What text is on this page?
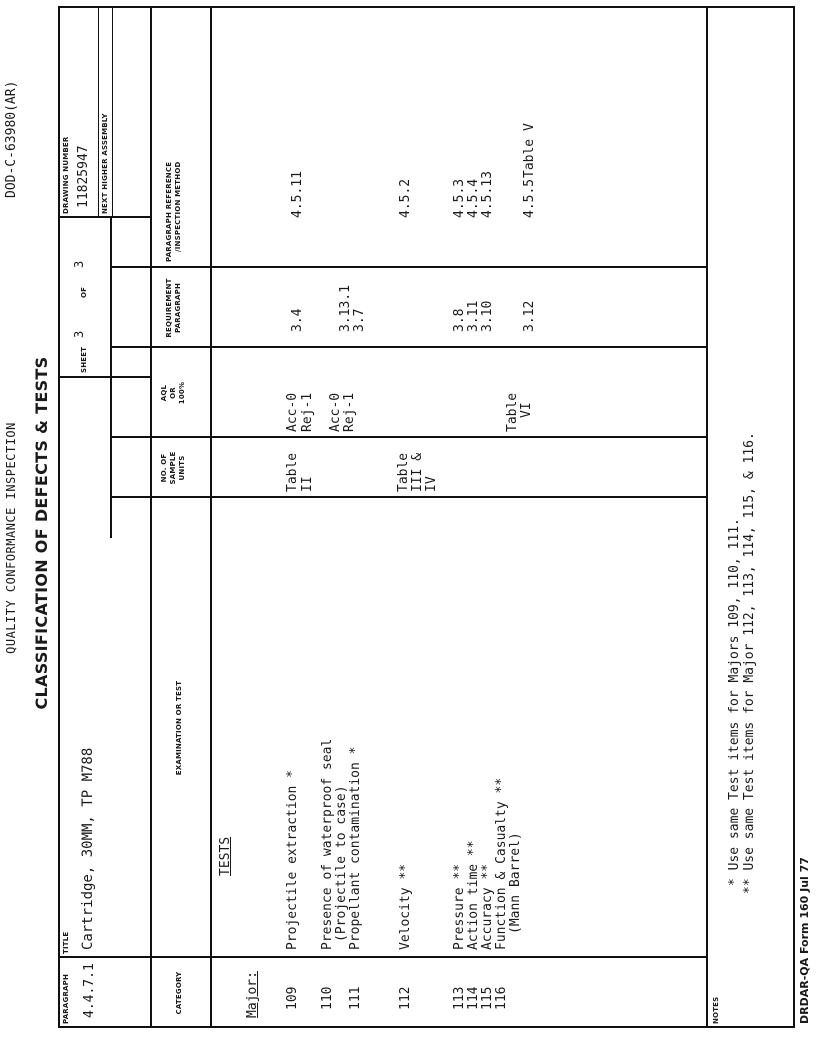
QUALITY CONFORMANCE INSPECTION
DOD-C-63980(AR)
CLASSIFICATION OF DEFECTS & TESTS
PARAGRAPH 4.4.7.1
TITLE Cartridge, 30MM, TP M788
SHEET
3
OF
3
DRAWING NUMBER 11825947 NEXT HIGHER ASSEMBLY
CATEGORY
EXAMINATION OR TEST
NO. OF SAMPLE UNITS
AQL OR 100%
REQUIREMENT PARAGRAPH
PARAGRAPH REFERENCE /INSPECTION METHOD
TESTS
Major: 109
Projectile extraction *
Table II
Acc-0 Rej-1
3.4
4.5.11
110
Presence of waterproof seal (Projectile to case)
111
Propellant contamination *
Acc-0 Rej-1
3.13.1
112
Velocity **
Table III & IV
3.7
4.5.2
113
Pressure **
3.8
4.5.3
114
Action time **
3.11
4.5.4
115
Accuracy **
3.10
4.5.13
116
Function & Casualty ** (Mann Barrel)
Table VI
3.12
4.5.5
Table V
NOTES
* Use same Test items for Majors 109, 110, 111. ** Use same Test items for Major 112, 113, 114, 115, & 116.
DRDAR-QA Form 160 Jul 77
